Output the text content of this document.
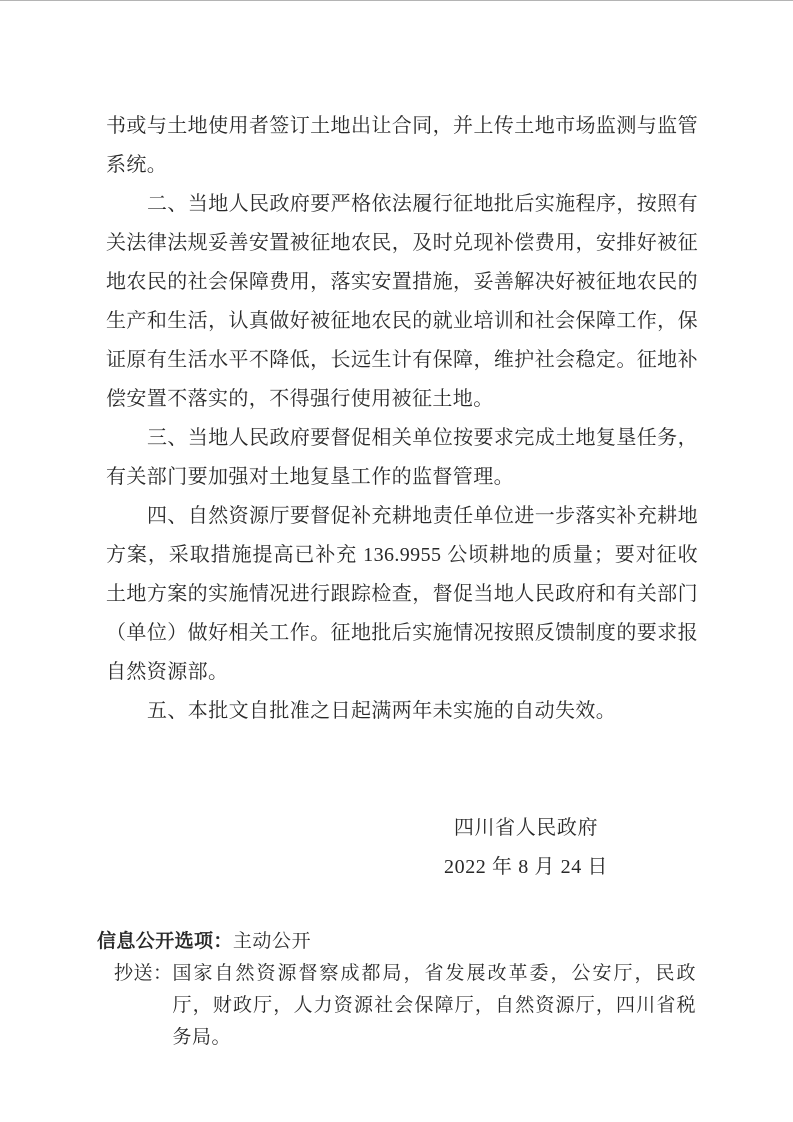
书或与土地使用者签订土地出让合同，并上传土地市场监测与监管系统。

二、当地人民政府要严格依法履行征地批后实施程序，按照有关法律法规妥善安置被征地农民，及时兑现补偿费用，安排好被征地农民的社会保障费用，落实安置措施，妥善解决好被征地农民的生产和生活，认真做好被征地农民的就业培训和社会保障工作，保证原有生活水平不降低，长远生计有保障，维护社会稳定。征地补偿安置不落实的，不得强行使用被征土地。

三、当地人民政府要督促相关单位按要求完成土地复垦任务，有关部门要加强对土地复垦工作的监督管理。

四、自然资源厅要督促补充耕地责任单位进一步落实补充耕地方案，采取措施提高已补充 136.9955 公顷耕地的质量；要对征收土地方案的实施情况进行跟踪检查，督促当地人民政府和有关部门（单位）做好相关工作。征地批后实施情况按照反馈制度的要求报自然资源部。

五、本批文自批准之日起满两年未实施的自动失效。

四川省人民政府
2022 年 8 月 24 日
信息公开选项：主动公开
抄送： 国家自然资源督察成都局，省发展改革委，公安厅，民政厅，财政厅，人力资源社会保障厅，自然资源厅，四川省税务局。
